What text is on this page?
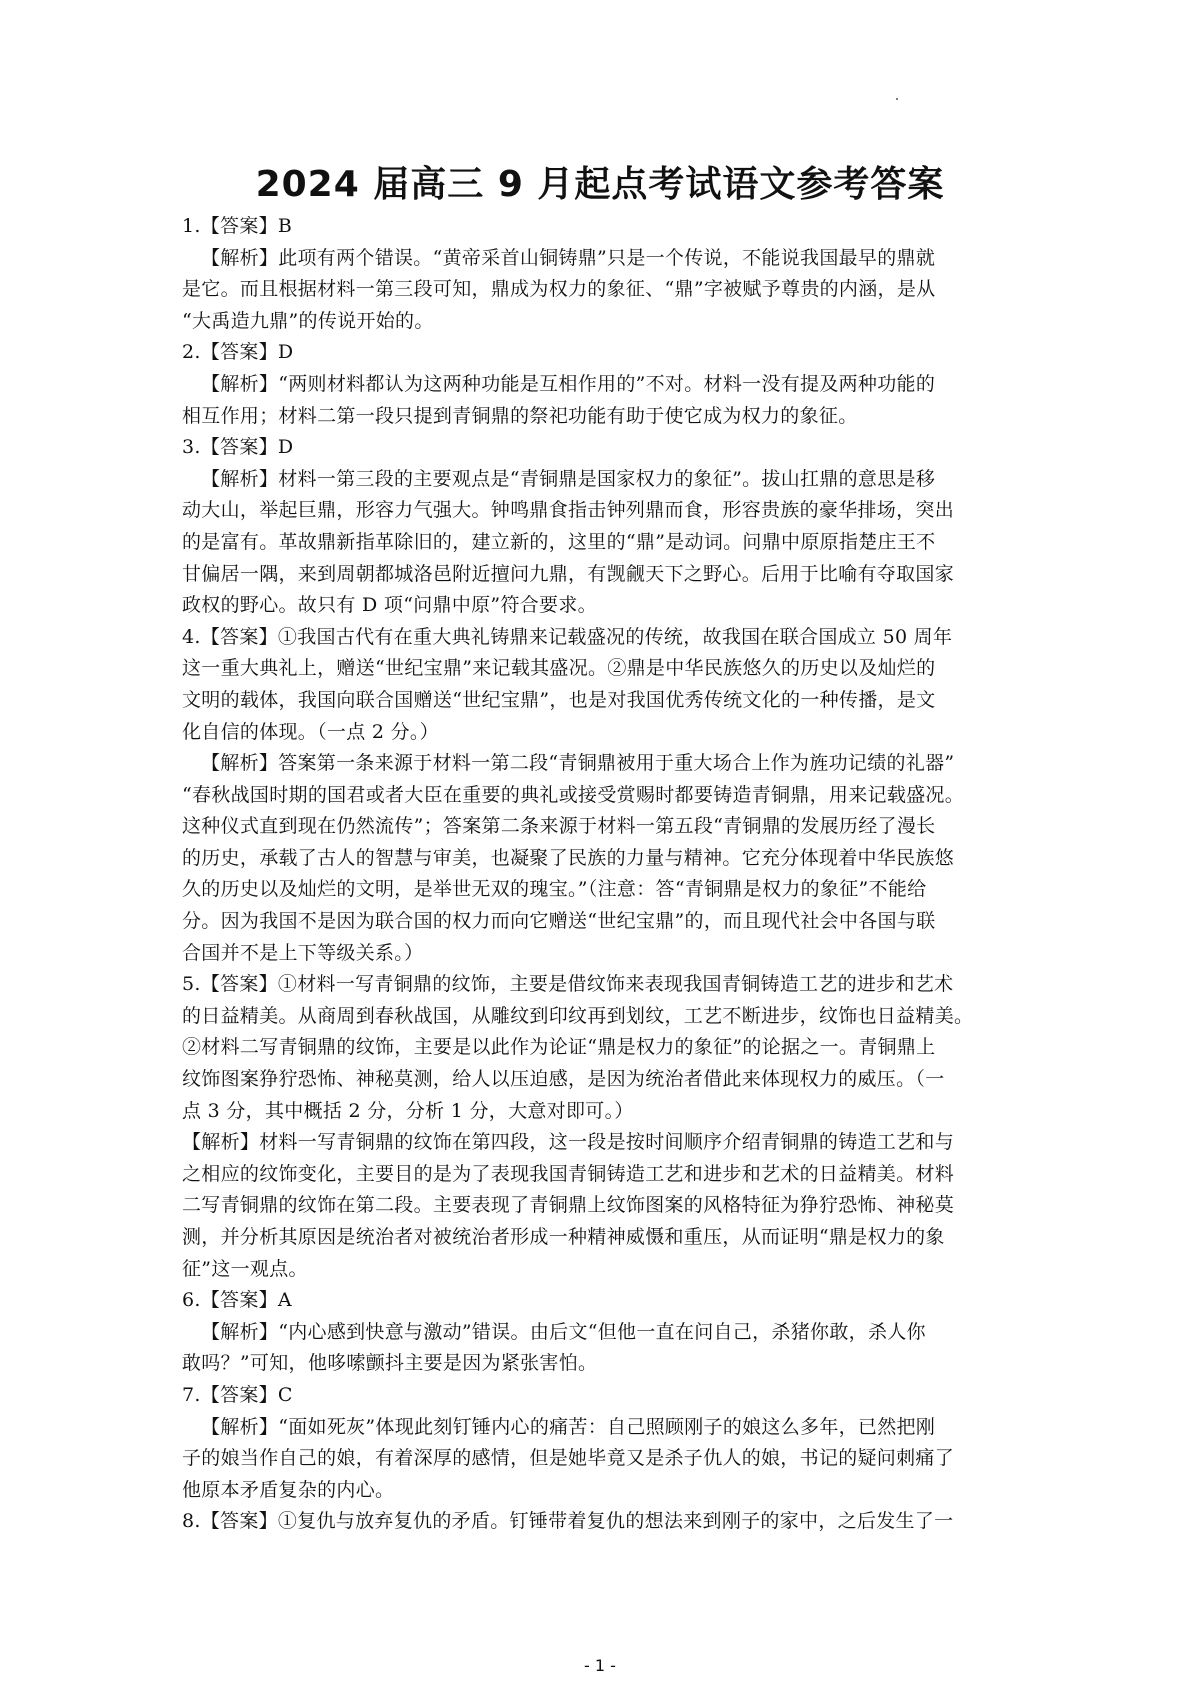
2024 届高三 9 月起点考试语文参考答案
1.【答案】B
【解析】此项有两个错误。“黄帝采首山铜铸鼎”只是一个传说，不能说我国最早的鼎就
是它。而且根据材料一第三段可知，鼎成为权力的象征、“鼎”字被赋予尊贵的内涵，是从
“大禹造九鼎”的传说开始的。
2.【答案】D
【解析】“两则材料都认为这两种功能是互相作用的”不对。材料一没有提及两种功能的
相互作用；材料二第一段只提到青铜鼎的祭祀功能有助于使它成为权力的象征。
3.【答案】D
【解析】材料一第三段的主要观点是“青铜鼎是国家权力的象征”。拔山扛鼎的意思是移
动大山，举起巨鼎，形容力气强大。钟鸣鼎食指击钟列鼎而食，形容贵族的豪华排场，突出
的是富有。革故鼎新指革除旧的，建立新的，这里的“鼎”是动词。问鼎中原原指楚庄王不
甘偏居一隅，来到周朝都城洛邑附近擅问九鼎，有觊觎天下之野心。后用于比喻有夺取国家
政权的野心。故只有 D 项“问鼎中原”符合要求。
4.【答案】①我国古代有在重大典礼铸鼎来记载盛况的传统，故我国在联合国成立 50 周年
这一重大典礼上，赠送“世纪宝鼎”来记载其盛况。②鼎是中华民族悠久的历史以及灿烂的
文明的载体，我国向联合国赠送“世纪宝鼎”，也是对我国优秀传统文化的一种传播，是文
化自信的体现。（一点 2 分。）
【解析】答案第一条来源于材料一第二段“青铜鼎被用于重大场合上作为旌功记绩的礼器”
“春秋战国时期的国君或者大臣在重要的典礼或接受赏赐时都要铸造青铜鼎，用来记载盛况。
这种仪式直到现在仍然流传”；答案第二条来源于材料一第五段“青铜鼎的发展历经了漫长
的历史，承载了古人的智慧与审美，也凝聚了民族的力量与精神。它充分体现着中华民族悠
久的历史以及灿烂的文明，是举世无双的瑰宝。”（注意：答“青铜鼎是权力的象征”不能给
分。因为我国不是因为联合国的权力而向它赠送“世纪宝鼎”的，而且现代社会中各国与联
合国并不是上下等级关系。）
5.【答案】①材料一写青铜鼎的纹饰，主要是借纹饰来表现我国青铜铸造工艺的进步和艺术
的日益精美。从商周到春秋战国，从雕纹到印纹再到划纹，工艺不断进步，纹饰也日益精美。
②材料二写青铜鼎的纹饰，主要是以此作为论证“鼎是权力的象征”的论据之一。青铜鼎上
纹饰图案狰狞恐怖、神秘莫测，给人以压迫感，是因为统治者借此来体现权力的威压。（一
点 3 分，其中概括 2 分，分析 1 分，大意对即可。）
【解析】材料一写青铜鼎的纹饰在第四段，这一段是按时间顺序介绍青铜鼎的铸造工艺和与
之相应的纹饰变化，主要目的是为了表现我国青铜铸造工艺和进步和艺术的日益精美。材料
二写青铜鼎的纹饰在第二段。主要表现了青铜鼎上纹饰图案的风格特征为狰狞恐怖、神秘莫
测，并分析其原因是统治者对被统治者形成一种精神威慑和重压，从而证明“鼎是权力的象
征”这一观点。
6.【答案】A
【解析】“内心感到快意与激动”错误。由后文“但他一直在问自己，杀猪你敢，杀人你
敢吗？”可知，他哆嗦颤抖主要是因为紧张害怕。
7.【答案】C
【解析】“面如死灰”体现此刻钉锤内心的痛苦：自己照顾刚子的娘这么多年，已然把刚
子的娘当作自己的娘，有着深厚的感情，但是她毕竟又是杀子仇人的娘，书记的疑问刺痛了
他原本矛盾复杂的内心。
8.【答案】①复仇与放弃复仇的矛盾。钉锤带着复仇的想法来到刚子的家中，之后发生了一
- 1 -
